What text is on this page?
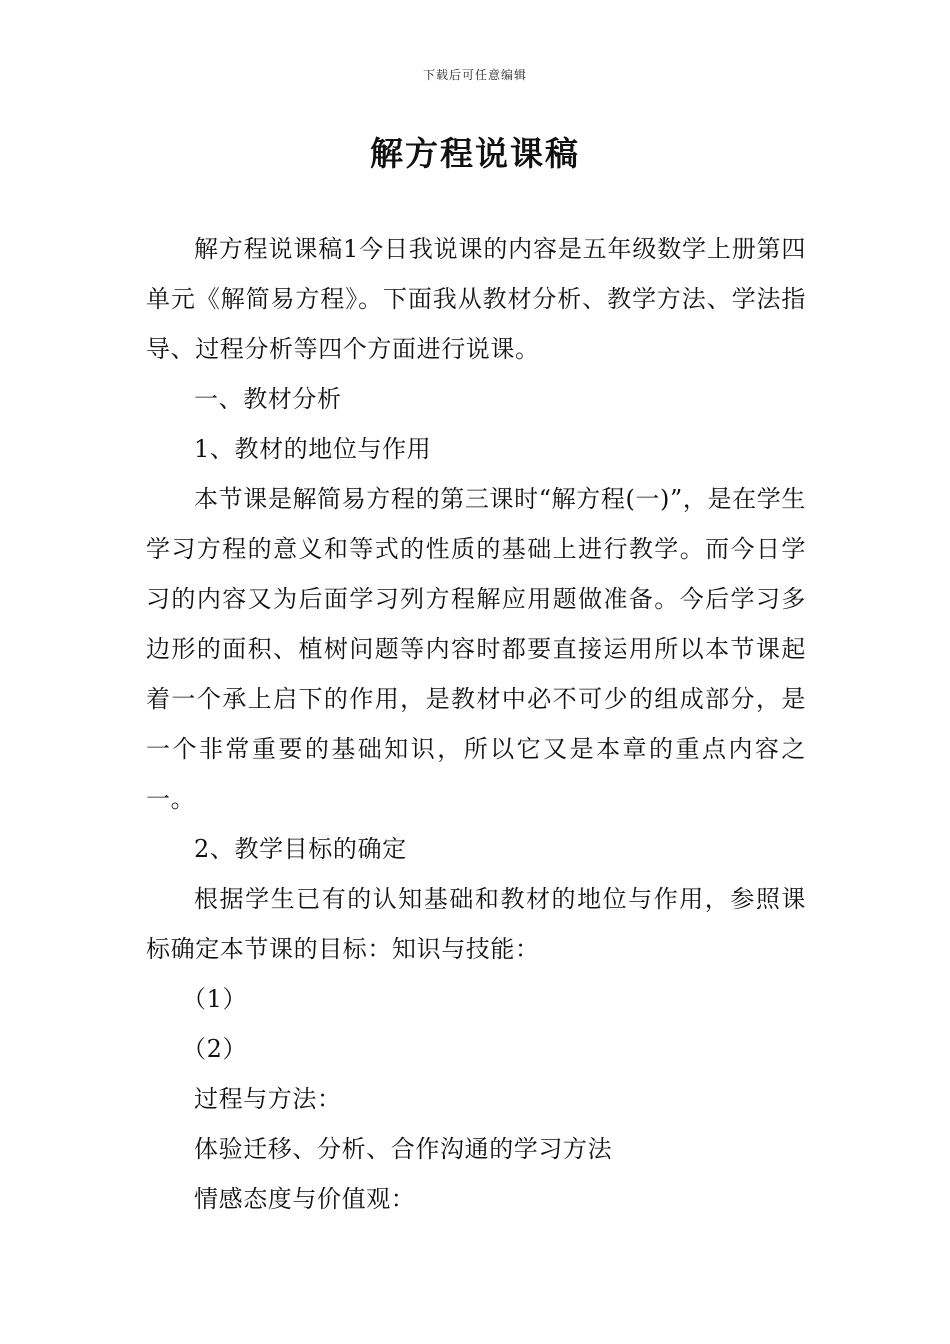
下载后可任意编辑
解方程说课稿

解方程说课稿1今日我说课的内容是五年级数学上册第四单元《解简易方程》。下面我从教材分析、教学方法、学法指导、过程分析等四个方面进行说课。

一、教材分析

1、教材的地位与作用

本节课是解简易方程的第三课时“解方程(一)”，是在学生学习方程的意义和等式的性质的基础上进行教学。而今日学习的内容又为后面学习列方程解应用题做准备。今后学习多边形的面积、植树问题等内容时都要直接运用所以本节课起着一个承上启下的作用，是教材中必不可少的组成部分，是一个非常重要的基础知识，所以它又是本章的重点内容之一。

2、教学目标的确定

根据学生已有的认知基础和教材的地位与作用，参照课标确定本节课的目标：知识与技能：

（1）

（2）

过程与方法：

体验迁移、分析、合作沟通的学习方法

情感态度与价值观：
